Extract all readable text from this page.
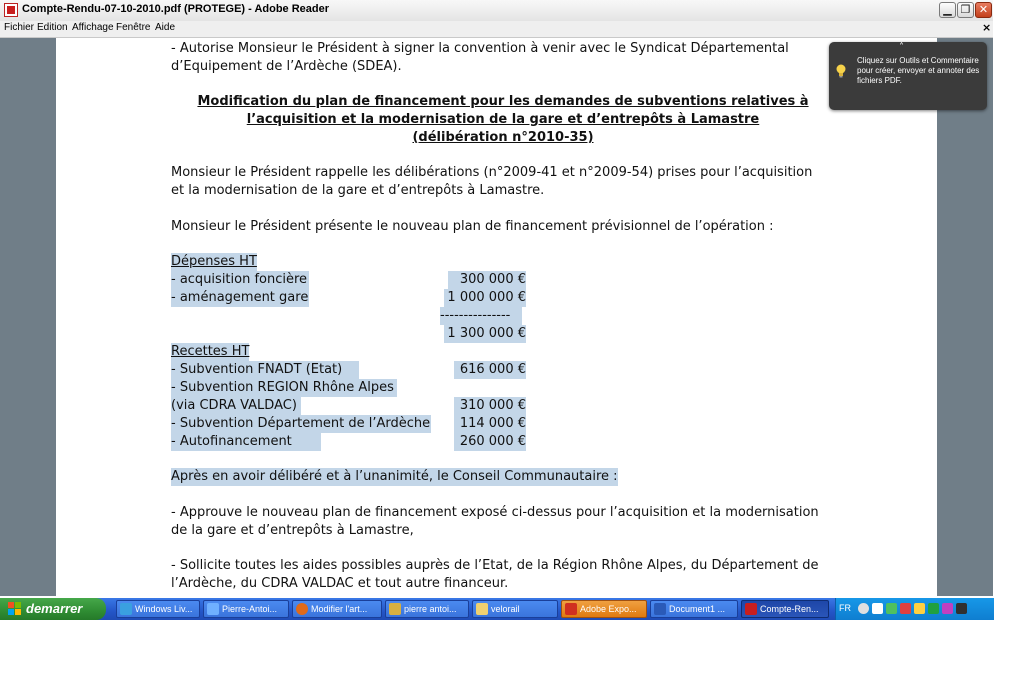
Compte-Rendu-07-10-2010.pdf (PROTEGE) - Adobe Reader	▁ ❐ ✕
Fichier Edition Affichage Fenêtre Aide	×
- Autorise Monsieur le Président à signer la convention à venir avec le Syndicat Départemental
d’Equipement de l’Ardèche (SDEA).
Modification du plan de financement pour les demandes de subventions relatives à
l’acquisition et la modernisation de la gare et d’entrepôts à Lamastre
(délibération n°2010-35)
Monsieur le Président rappelle les délibérations (n°2009-41 et n°2009-54) prises pour l’acquisition
et la modernisation de la gare et d’entrepôts à Lamastre.
Monsieur le Président présente le nouveau plan de financement prévisionnel de l’opération :
Dépenses HT
- acquisition foncière	300 000 €
- aménagement gare	1 000 000 €
---------------
1 300 000 €
Recettes HT
- Subvention FNADT (Etat)	616 000 €
- Subvention REGION Rhône Alpes
(via CDRA VALDAC)	310 000 €
- Subvention Département de l’Ardèche	114 000 €
- Autofinancement	260 000 €
Après en avoir délibéré et à l’unanimité, le Conseil Communautaire :
- Approuve le nouveau plan de financement exposé ci-dessus pour l’acquisition et la modernisation
de la gare et d’entrepôts à Lamastre,
- Sollicite toutes les aides possibles auprès de l’Etat, de la Région Rhône Alpes, du Département de
l’Ardèche, du CDRA VALDAC et tout autre financeur.
˄
Cliquez sur Outils et Commentaire pour créer, envoyer et annoter des fichiers PDF.
demarrer	Windows Liv...	Pierre-Antoi...	Modifier l'art...	pierre antoi...	velorail	Adobe Expo...	Document1 ...	Compte-Ren...	FR
